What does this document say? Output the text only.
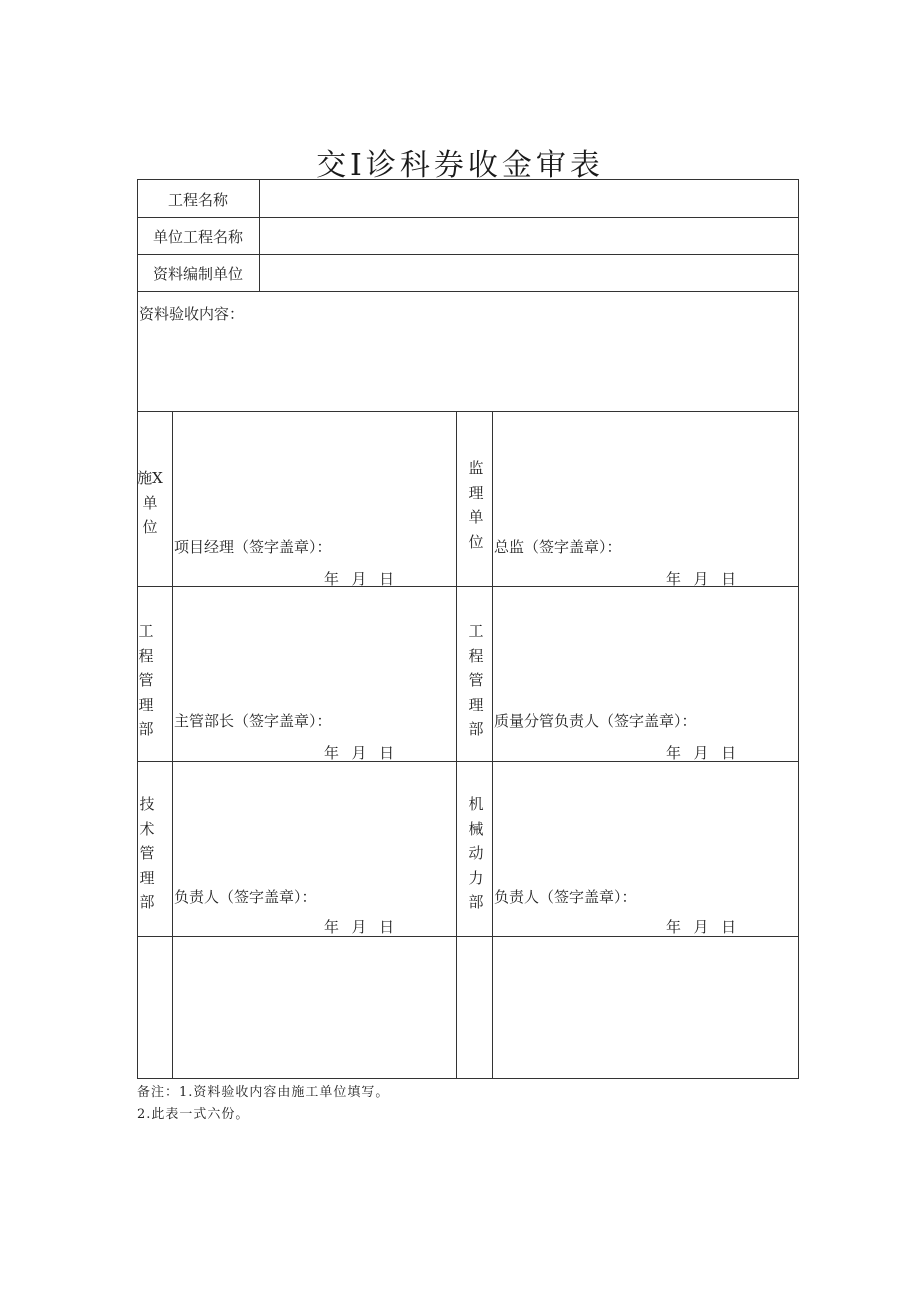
交I诊科券收金审表
工程名称
单位工程名称
资料编制单位
资料验收内容：
施X单位
项目经理（签字盖章）：
年  月  日
监理单位 总监（签字盖章）：
年  月  日
工程管理部	主管部长（签字盖章）：
年  月  日
工程管理部 质量分管负责人（签字盖章）：
年  月  日
技术管理部	负责人（签字盖章）：
年  月  日
机械动力部 负责人（签字盖章）：
年  月  日
备注：1.资料验收内容由施工单位填写。
2.此表一式六份。
